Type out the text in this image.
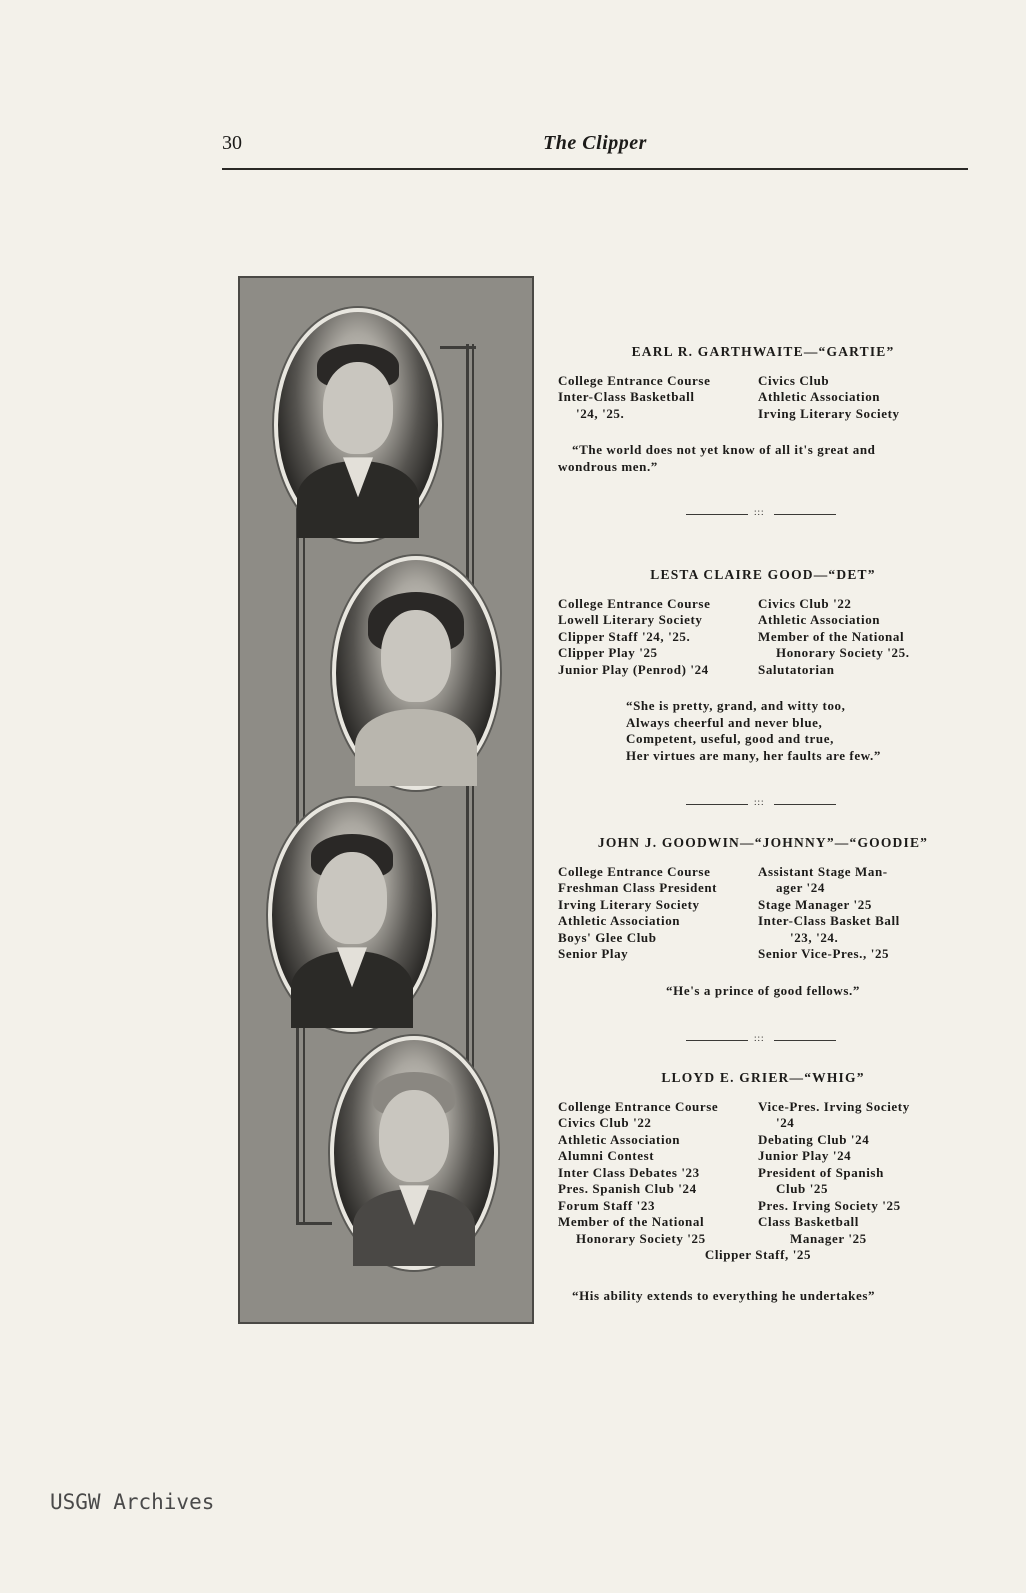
30	The Clipper
EARL R. GARTHWAITE—“GARTIE”
College Entrance Course
Inter-Class Basketball
'24, '25.
Civics Club
Athletic Association
Irving Literary Society
“The world does not yet know of all it's great and
wondrous men.”
:::
LESTA CLAIRE GOOD—“DET”
College Entrance Course
Lowell Literary Society
Clipper Staff '24, '25.
Clipper Play '25
Junior Play (Penrod) '24
Civics Club '22
Athletic Association
Member of the National
Honorary Society '25.
Salutatorian
“She is pretty, grand, and witty too,
Always cheerful and never blue,
Competent, useful, good and true,
Her virtues are many, her faults are few.”
:::
JOHN J. GOODWIN—“JOHNNY”—“GOODIE”
College Entrance Course
Freshman Class President
Irving Literary Society
Athletic Association
Boys' Glee Club
Senior Play
Assistant Stage Man-
ager '24
Stage Manager '25
Inter-Class Basket Ball
'23, '24.
Senior Vice-Pres., '25
“He's a prince of good fellows.”
:::
LLOYD E. GRIER—“WHIG”
Collenge Entrance Course
Civics Club '22
Athletic Association
Alumni Contest
Inter Class Debates '23
Pres. Spanish Club '24
Forum Staff '23
Member of the National
Honorary Society '25
Vice-Pres. Irving Society
'24
Debating Club '24
Junior Play '24
President of Spanish
Club '25
Pres. Irving Society '25
Class Basketball
Manager '25
Clipper Staff, '25
“His ability extends to everything he undertakes”
USGW Archives
